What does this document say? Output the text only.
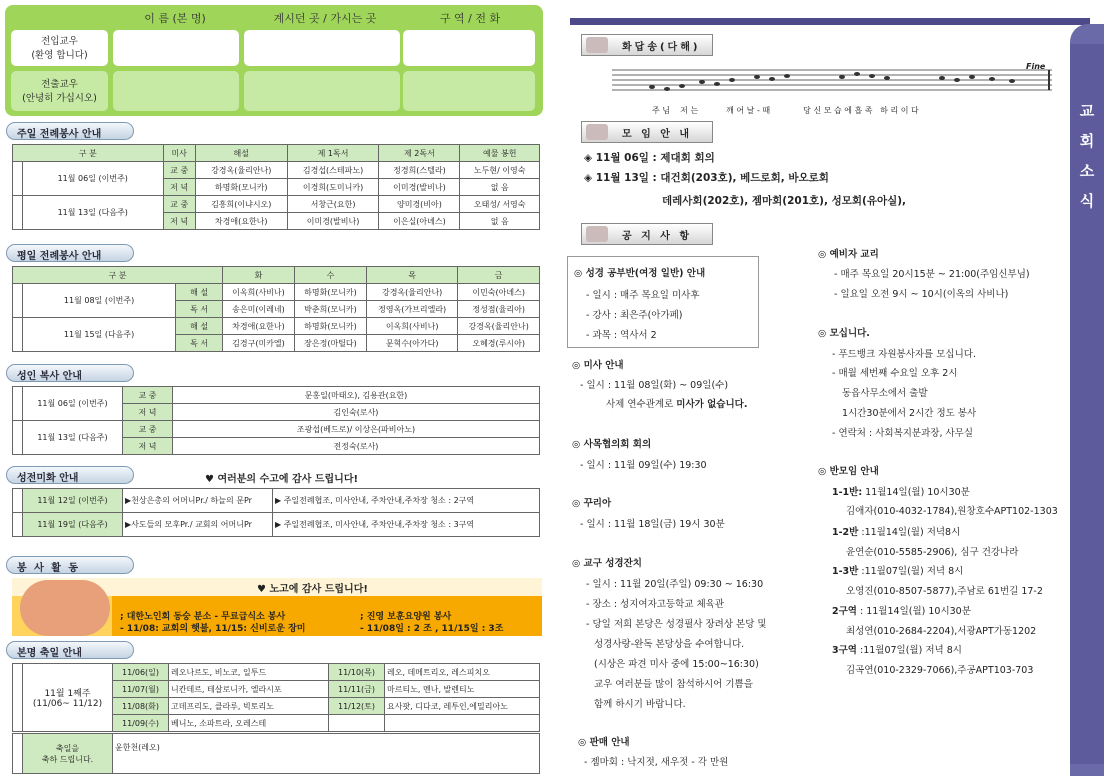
이 름 (본 명)	계시던 곳 / 가시는 곳	구 역 / 전 화
전입교우
(환영 합니다)
전출교우
(안녕히 가십시오)
주일 전례봉사 안내
구 분		미사	해설	제 1독서	제 2독서	예물 봉헌
	11월 06일 (이번주)	교 중	강경옥(율리안나)	김경섭(스테파노)	정경희(스텔라)	노두현/ 이영숙
		저 녁	하명화(모니카)	이경희(도미니카)	이미경(발비나)	없 음
	11월 13일 (다음주)	교 중	김흥희(이냐시오)	서창근(요한)	양미경(비아)	오태성/ 서영숙
		저 녁	차경애(요한나)	이미경(발비나)	이은실(아녜스)	없 음
평일 전례봉사 안내
구 분			화	수	목	금
	11월 08일 (이번주)	해 설	이옥희(사비나)	하명화(모니카)	강경옥(율리안나)	이민숙(아녜스)
		독 서	송은미(이레네)	박춘희(모니카)	정영옥(가브리엘라)	정성점(율리아)
	11월 15일 (다음주)	해 설	차경애(요한나)	하명화(모니카)	이옥희(사비나)	강경옥(율리안나)
		독 서	김경구(미카엘)	장은정(마틸다)	문혁수(아가다)	오혜경(루시아)
성인 복사 안내
	11월 06일 (이번주)	교 중	문홍일(마태오), 김용관(요한)
		저 녁	김인숙(로사)
	11월 13일 (다음주)	교 중	조광섭(베드로)/ 이상은(파비아노)
		저 녁	전정숙(로사)
성전미화 안내	♥ 여러분의 수고에 감사 드립니다!
	11월 12일 (이번주)	▶천상은총의 어머니Pr./ 하늘의 문Pr	▶ 주일전례협조, 미사안내, 주차안내,주차장 청소 : 2구역
	11월 19일 (다음주)	▶사도들의 모후Pr./ 교회의 어머니Pr	▶ 주일전례협조, 미사안내, 주차안내,주차장 청소 : 3구역
봉 사 활 동
♥ 노고에 감사 드립니다!
; 대한노인회 동숭 분소 - 무료급식소 봉사
- 11/08: 교회의 햇불, 11/15: 신비로운 장미
; 진영 보훈요양원 봉사
- 11/08일 : 2 조 , 11/15일 : 3조
본명 축일 안내

	11월 1째주
(11/06~ 11/12)	11/06(일)	레오나르도, 비노코, 일투드	11/10(목)	레오, 데메트리오, 레스피치오
		11/07(월)	니칸데르, 테살로니카, 엘라시포	11/11(금)	마르티노, 멘나, 발렌티노
		11/08(화)	고데프리도, 클라루, 빅토리노	11/12(토)	요사팟, 디다코, 레투인,에밀리아노
		11/09(수)	베니노, 소파트라, 오레스테		

축일을
축하 드립니다.
	윤한천(레오)
교
회
소
식
화답송(다해)
Fine
주 님    저 는           깨 어 날 - 때             당 신 모 습 에 흡 족   하 리 이 다
모 임 안 내
◈ 11월 06일 : 제대회 회의
◈ 11월 13일 : 대건회(203호), 베드로회, 바오로회
데레사회(202호), 젬마회(201호), 성모회(유아실),
공 지 사 항
◎ 성경 공부반(여정 일반) 안내
- 일시 : 매주 목요일 미사후
- 강사 : 최은주(아가페)
- 과목 : 역사서 2
◎ 미사 안내
- 일시 : 11월 08일(화) ~ 09일(수)
사제 연수관계로 미사가 없습니다.
◎ 사목협의회 회의
- 일시 : 11월 09일(수) 19:30
◎ 꾸리아
- 일시 : 11월 18일(금) 19시 30분
◎ 교구 성경잔치
- 일시 : 11월 20일(주일) 09:30 ~ 16:30
- 장소 : 성지여자고등학교 체육관
- 당일 저희 본당은 성경필사 장려상 본당 및
성경사랑-완독 본당상을 수여합니다.
(시상은 파견 미사 중에 15:00~16:30)
교우 여러분들 많이 참석하시어 기쁨을
함께 하시기 바랍니다.
◎ 판매 안내
- 젬마회 : 낙지젓, 새우젓 - 각 만원
◎ 예비자 교리
- 매주 목요일 20시15분 ~ 21:00(주임신부님)
- 일요일 오전 9시 ~ 10시(이옥의 사비나)
◎ 모십니다.
- 푸드뱅크 자원봉사자를 모십니다.
- 매월 세번째 수요일 오후 2시
동읍사무소에서 출발
1시간30분에서 2시간 정도 봉사
- 연락처 : 사회복지분과장, 사무실
◎ 반모임 안내
1-1반: 11월14일(월) 10시30분
김애자(010-4032-1784),원창호수APT102-1303
1-2반 :11월14일(월) 저녁8시
윤연순(010-5585-2906), 심구 건강나라
1-3반 :11월07일(월) 저녁 8시
오영진(010-8507-5877),주남로 61번길 17-2
2구역 : 11월14일(월) 10시30분
최성연(010-2684-2204),서광APT가동1202
3구역 :11월07일(월) 저녁 8시
김곡연(010-2329-7066),주공APT103-703
